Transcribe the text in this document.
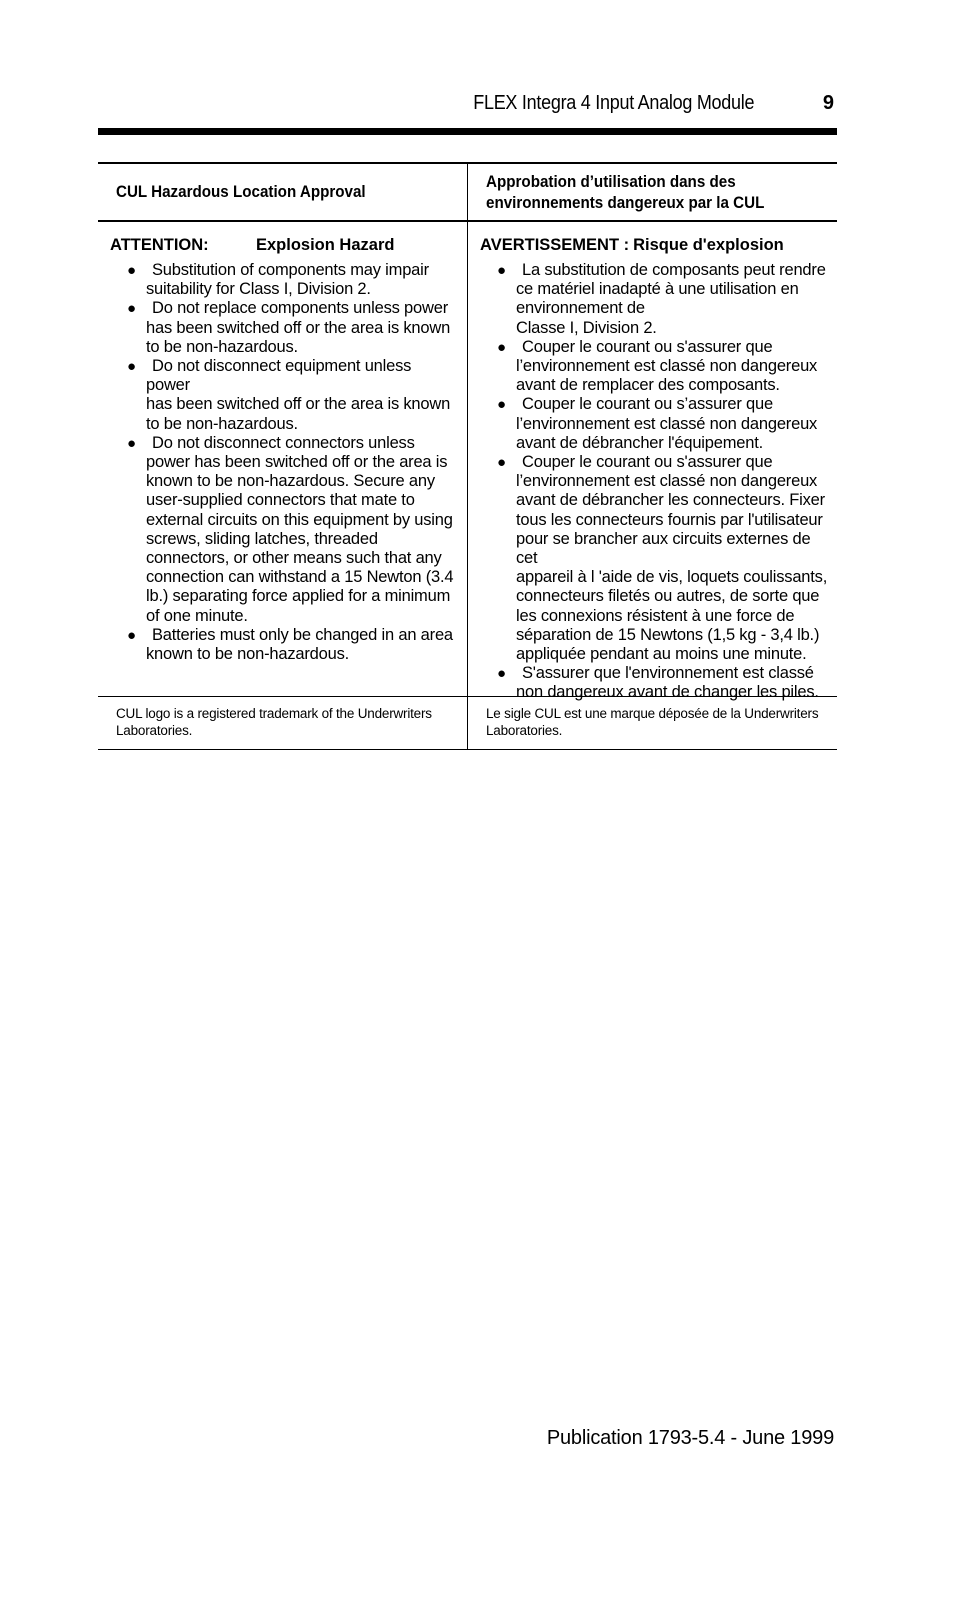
FLEX Integra 4 Input Analog Module	9
CUL Hazardous Location Approval
Approbation d’utilisation dans des
environnements dangereux par la CUL
ATTENTION:	Explosion Hazard
● Substitution of components may impair
suitability for Class I, Division 2.
● Do not replace components unless power
has been switched off or the area is known
to be non-hazardous.
● Do not disconnect equipment unless power
has been switched off or the area is known
to be non-hazardous.
● Do not disconnect connectors unless
power has been switched off or the area is
known to be non-hazardous. Secure any
user-supplied connectors that mate to
external circuits on this equipment by using
screws, sliding latches, threaded
connectors, or other means such that any
connection can withstand a 15 Newton (3.4
lb.) separating force applied for a minimum
of one minute.
● Batteries must only be changed in an area
known to be non-hazardous.
AVERTISSEMENT : Risque d'explosion
● La substitution de composants peut rendre
ce matériel inadapté à une utilisation en
environnement de
Classe I, Division 2.
● Couper le courant ou s'assurer que
l’environnement est classé non dangereux
avant de remplacer des composants.
● Couper le courant ou s’assurer que
l’environnement est classé non dangereux
avant de débrancher l'équipement.
● Couper le courant ou s'assurer que
l’environnement est classé non dangereux
avant de débrancher les connecteurs. Fixer
tous les connecteurs fournis par l'utilisateur
pour se brancher aux circuits externes de cet
appareil à l 'aide de vis, loquets coulissants,
connecteurs filetés ou autres, de sorte que
les connexions résistent à une force de
séparation de 15 Newtons (1,5 kg - 3,4 lb.)
appliquée pendant au moins une minute.
● S'assurer que l'environnement est classé
non dangereux avant de changer les piles.
CUL logo is a registered trademark of the Underwriters Laboratories.
Le sigle CUL est une marque déposée de la Underwriters Laboratories.
Publication 1793-5.4 - June 1999
